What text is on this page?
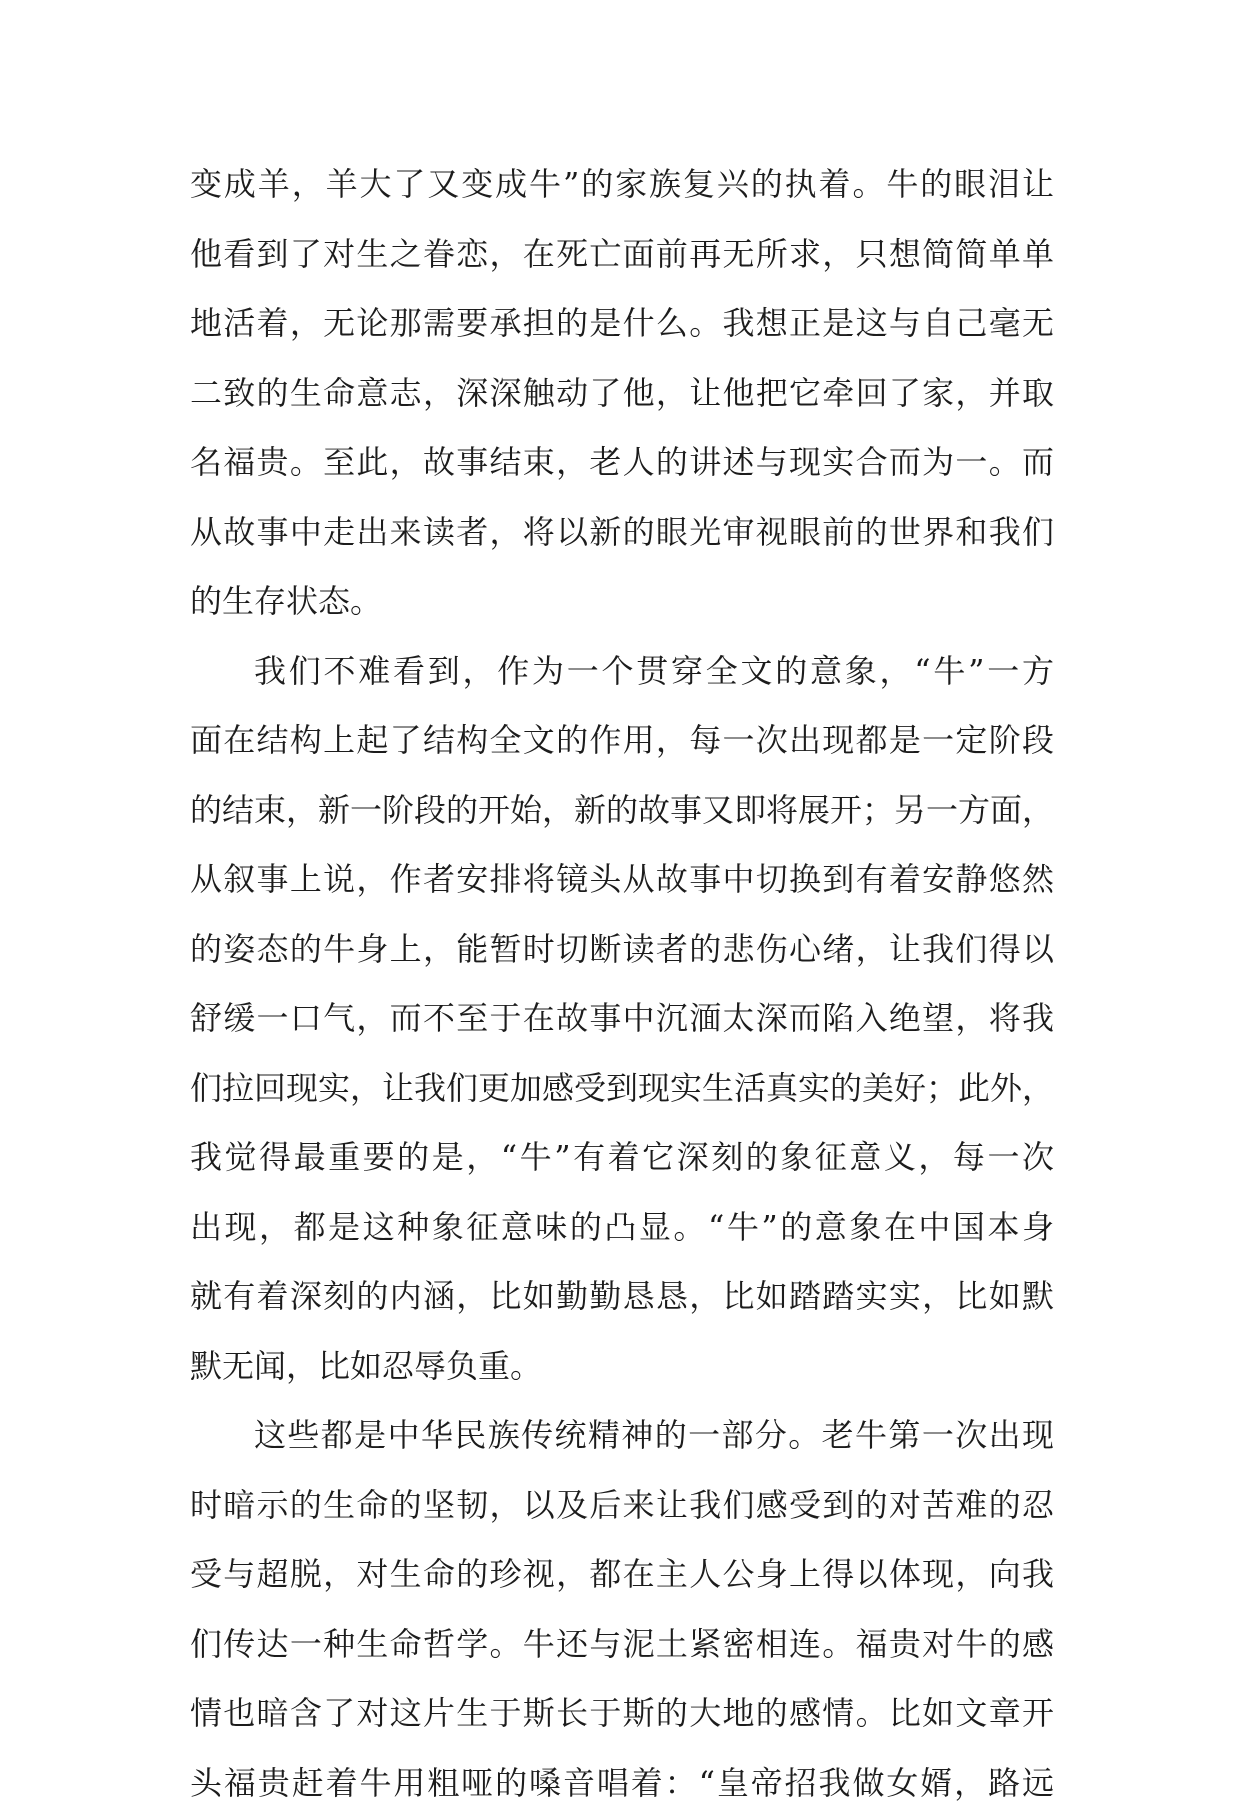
变成羊，羊大了又变成牛”的家族复兴的执着。牛的眼泪让
他看到了对生之眷恋，在死亡面前再无所求，只想简简单单
地活着，无论那需要承担的是什么。我想正是这与自己毫无
二致的生命意志，深深触动了他，让他把它牵回了家，并取
名福贵。至此，故事结束，老人的讲述与现实合而为一。而
从故事中走出来读者，将以新的眼光审视眼前的世界和我们
的生存状态。
我们不难看到，作为一个贯穿全文的意象，“牛”一方
面在结构上起了结构全文的作用，每一次出现都是一定阶段
的结束，新一阶段的开始，新的故事又即将展开；另一方面，
从叙事上说，作者安排将镜头从故事中切换到有着安静悠然
的姿态的牛身上，能暂时切断读者的悲伤心绪，让我们得以
舒缓一口气，而不至于在故事中沉湎太深而陷入绝望，将我
们拉回现实，让我们更加感受到现实生活真实的美好；此外，
我觉得最重要的是，“牛”有着它深刻的象征意义，每一次
出现，都是这种象征意味的凸显。“牛”的意象在中国本身
就有着深刻的内涵，比如勤勤恳恳，比如踏踏实实，比如默
默无闻，比如忍辱负重。
这些都是中华民族传统精神的一部分。老牛第一次出现
时暗示的生命的坚韧，以及后来让我们感受到的对苦难的忍
受与超脱，对生命的珍视，都在主人公身上得以体现，向我
们传达一种生命哲学。牛还与泥土紧密相连。福贵对牛的感
情也暗含了对这片生于斯长于斯的大地的感情。比如文章开
头福贵赶着牛用粗哑的嗓音唱着：“皇帝招我做女婿，路远
